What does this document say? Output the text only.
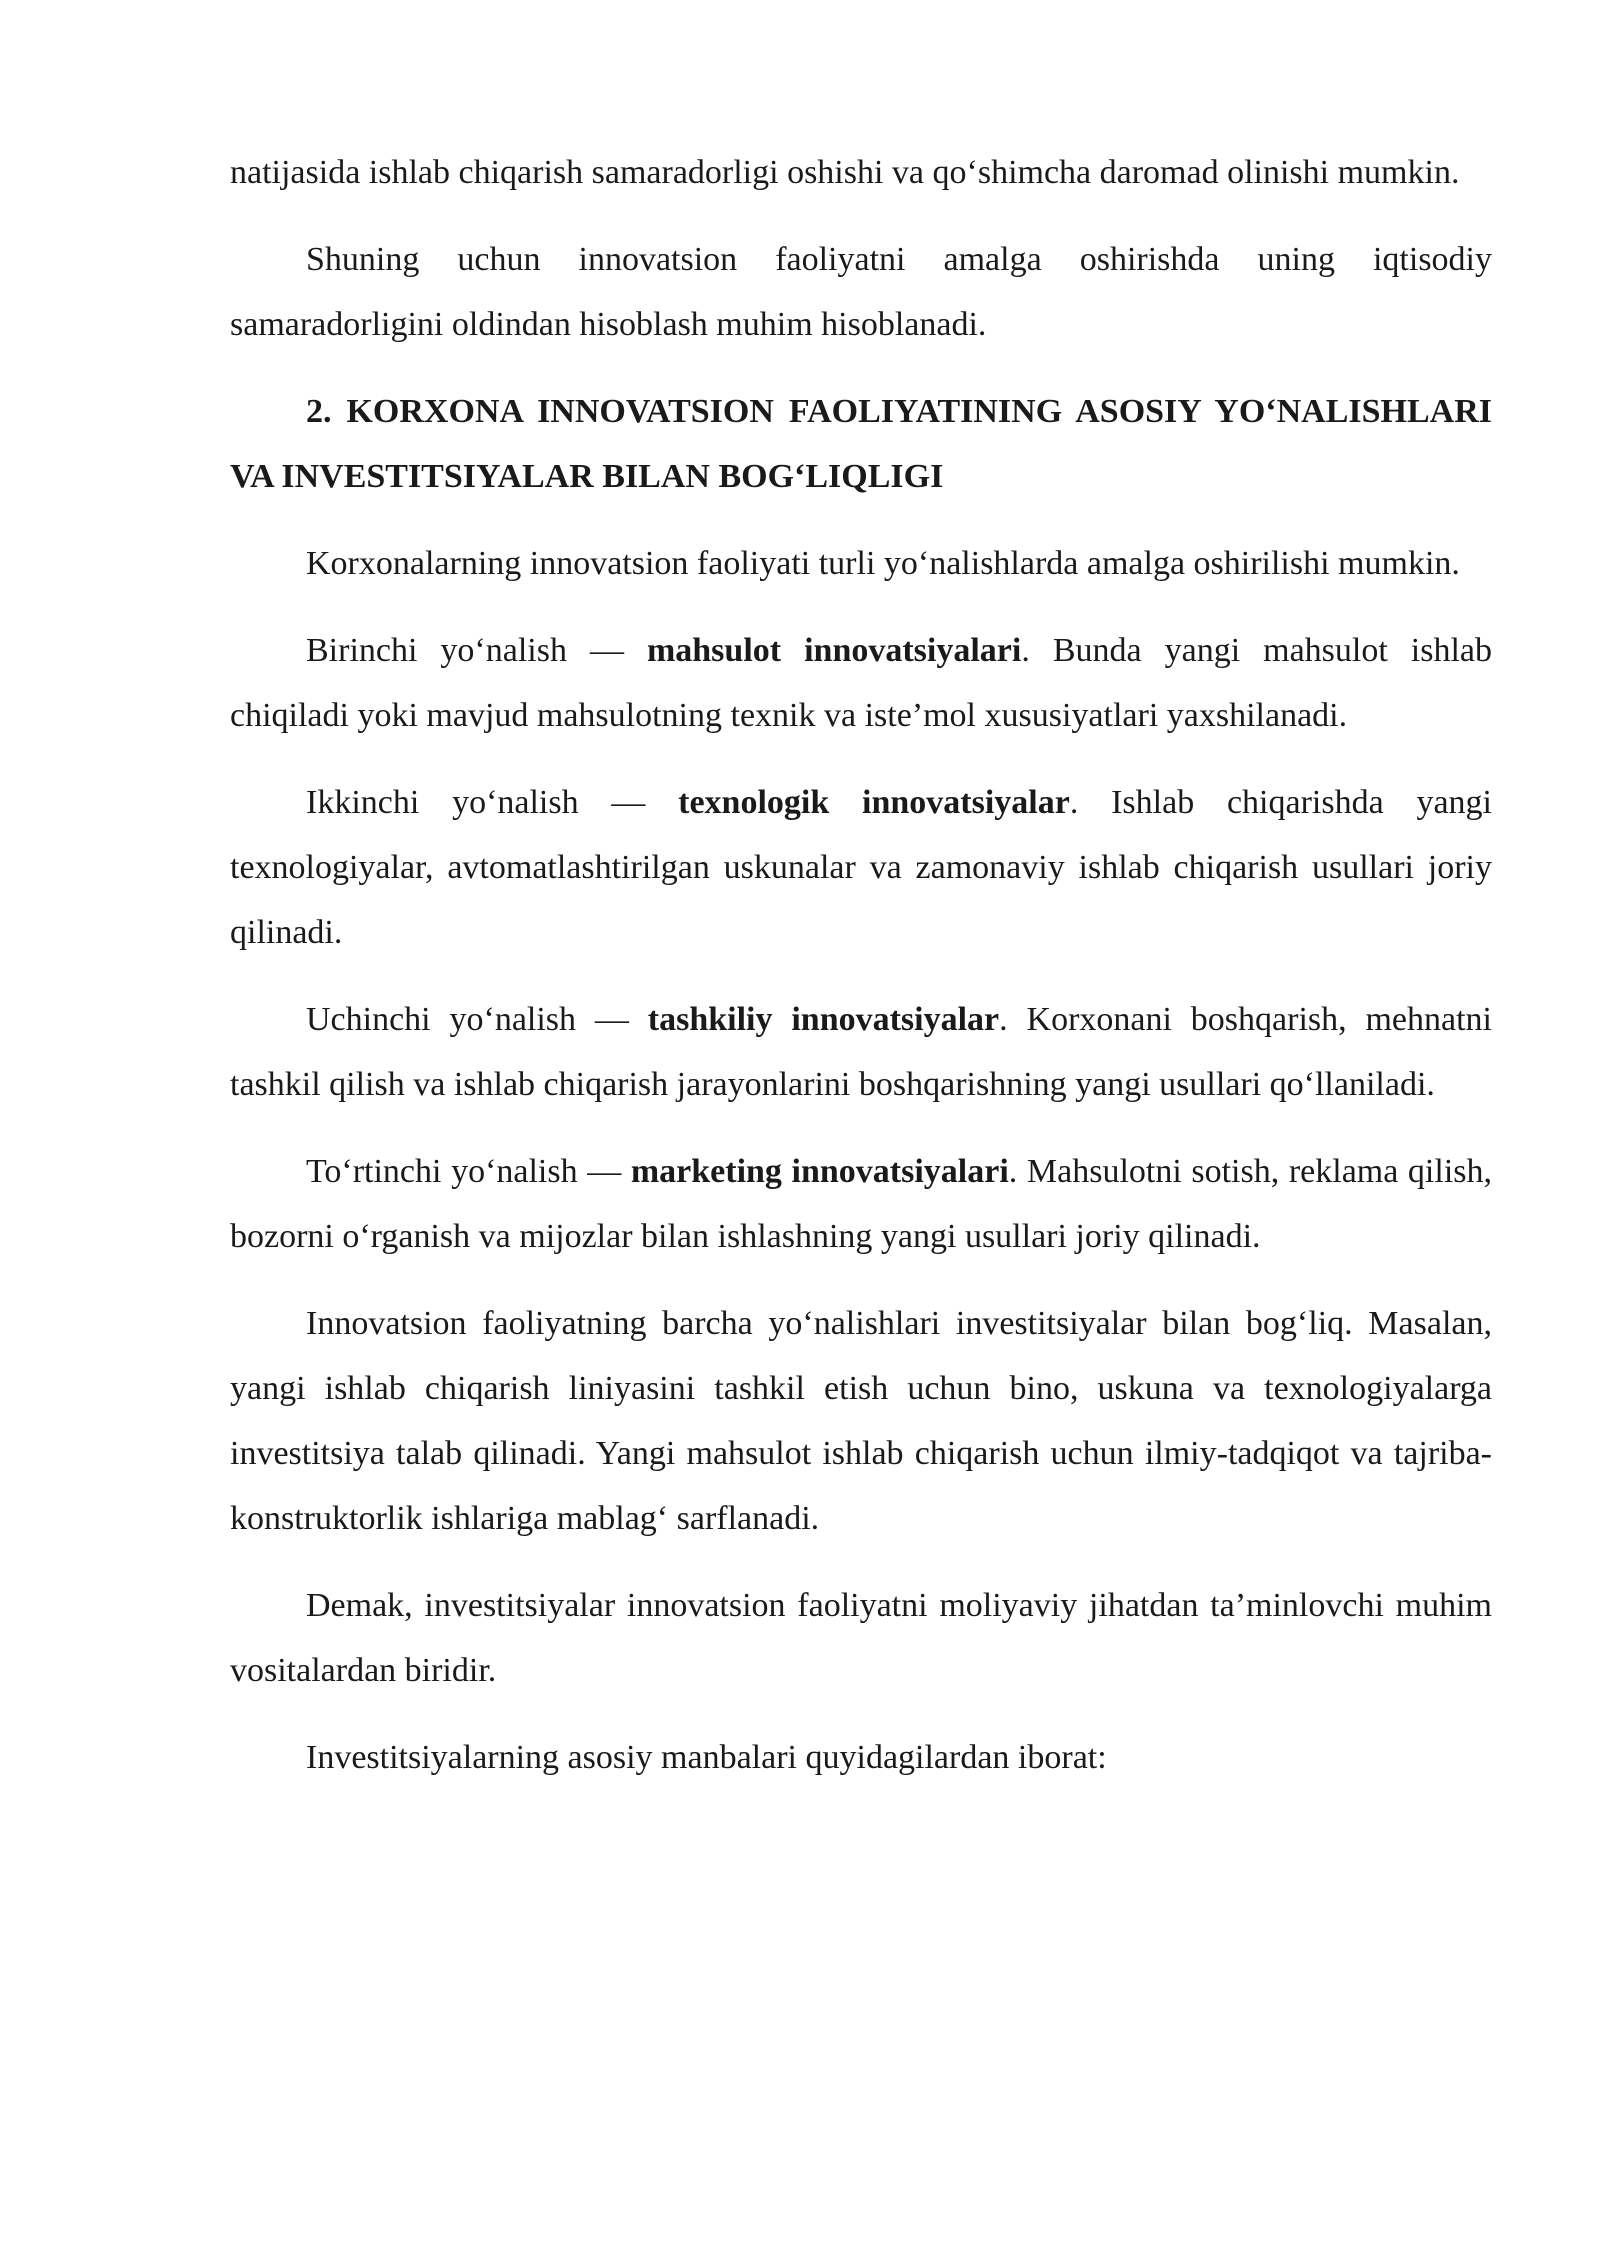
natijasida ishlab chiqarish samaradorligi oshishi va qo‘shimcha daromad olinishi mumkin.

Shuning uchun innovatsion faoliyatni amalga oshirishda uning iqtisodiy samaradorligini oldindan hisoblash muhim hisoblanadi.

2. KORXONA INNOVATSION FAOLIYATINING ASOSIY YO‘NALISHLARI VA INVESTITSIYALAR BILAN BOG‘LIQLIGI

Korxonalarning innovatsion faoliyati turli yo‘nalishlarda amalga oshirilishi mumkin.

Birinchi yo‘nalish — mahsulot innovatsiyalari. Bunda yangi mahsulot ishlab chiqiladi yoki mavjud mahsulotning texnik va iste’mol xususiyatlari yaxshilanadi.

Ikkinchi yo‘nalish — texnologik innovatsiyalar. Ishlab chiqarishda yangi texnologiyalar, avtomatlashtirilgan uskunalar va zamonaviy ishlab chiqarish usullari joriy qilinadi.

Uchinchi yo‘nalish — tashkiliy innovatsiyalar. Korxonani boshqarish, mehnatni tashkil qilish va ishlab chiqarish jarayonlarini boshqarishning yangi usullari qo‘llaniladi.

To‘rtinchi yo‘nalish — marketing innovatsiyalari. Mahsulotni sotish, reklama qilish, bozorni o‘rganish va mijozlar bilan ishlashning yangi usullari joriy qilinadi.

Innovatsion faoliyatning barcha yo‘nalishlari investitsiyalar bilan bog‘liq. Masalan, yangi ishlab chiqarish liniyasini tashkil etish uchun bino, uskuna va texnologiyalarga investitsiya talab qilinadi. Yangi mahsulot ishlab chiqarish uchun ilmiy-tadqiqot va tajriba-konstruktorlik ishlariga mablag‘ sarflanadi.

Demak, investitsiyalar innovatsion faoliyatni moliyaviy jihatdan ta’minlovchi muhim vositalardan biridir.

Investitsiyalarning asosiy manbalari quyidagilardan iborat:
